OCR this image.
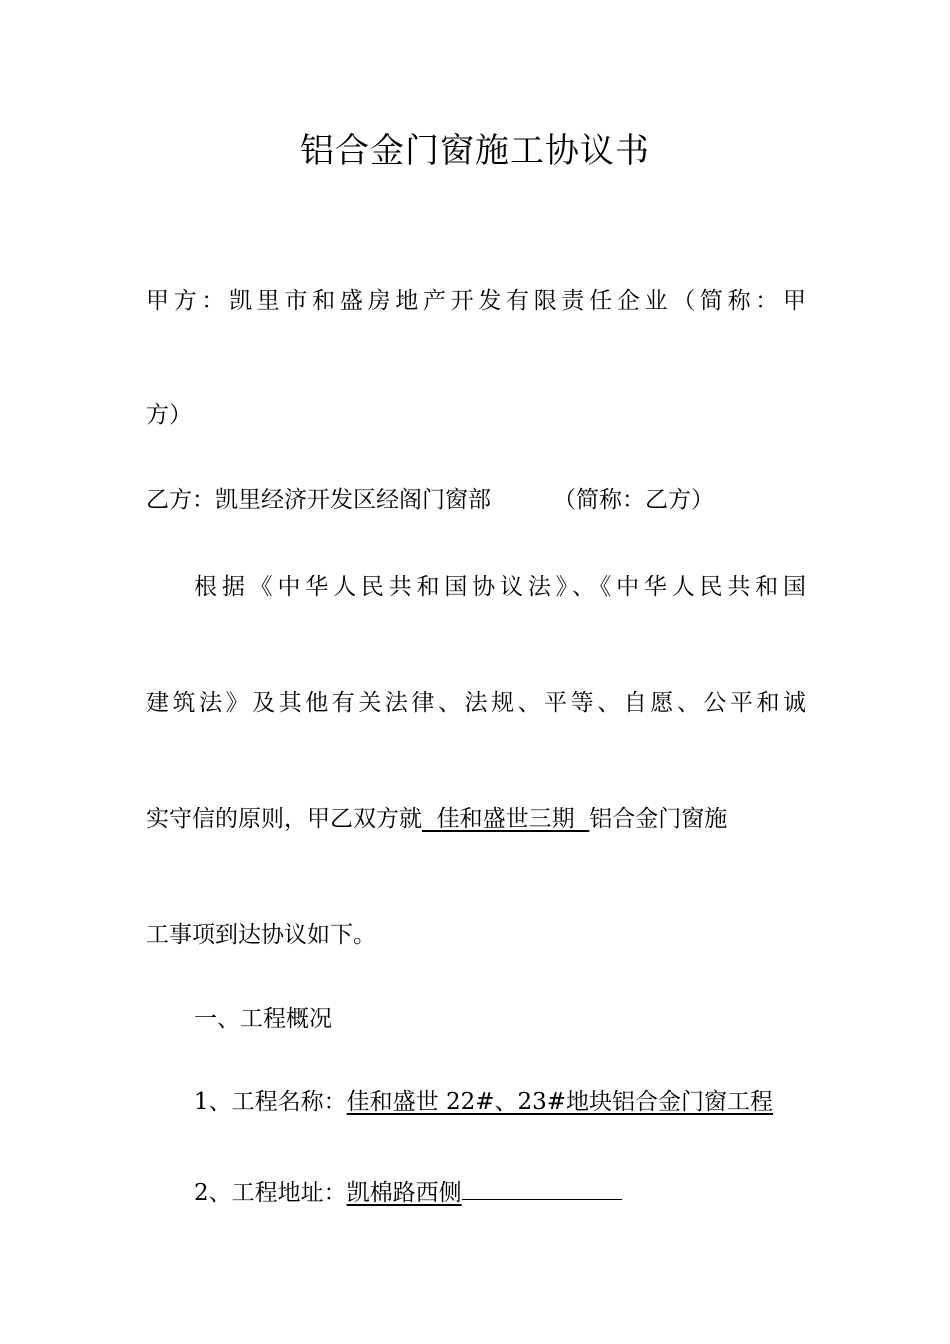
铝合金门窗施工协议书
甲方：凯里市和盛房地产开发有限责任企业（简称：甲
方）
乙方：凯里经济开发区经阁门窗部	（简称：乙方）
根据《中华人民共和国协议法》、《中华人民共和国
建筑法》及其他有关法律、法规、平等、自愿、公平和诚
实守信的原则，甲乙双方就  佳和盛世三期  铝合金门窗施
工事项到达协议如下。
一、工程概况
1、工程名称：佳和盛世 22#、23#地块铝合金门窗工程
2、工程地址：凯棉路西侧
